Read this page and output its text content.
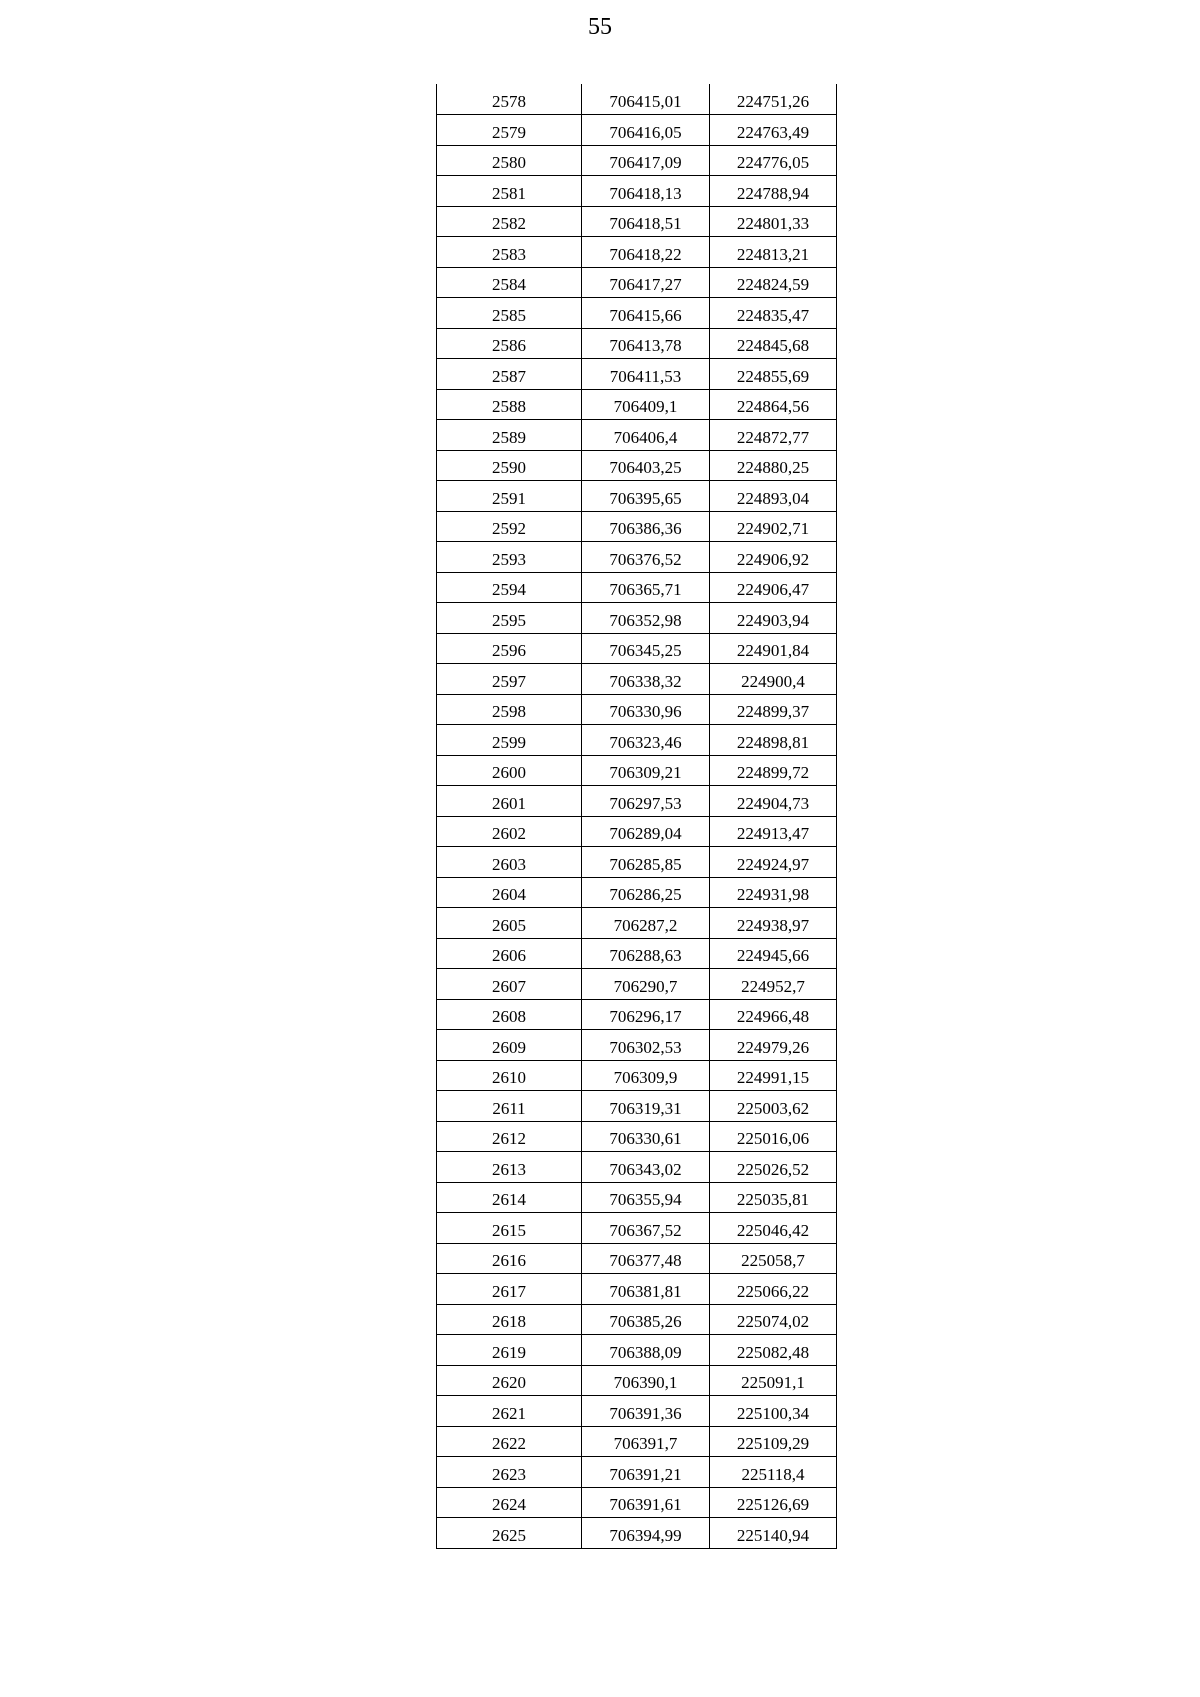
55
2578	706415,01	224751,26
2579	706416,05	224763,49
2580	706417,09	224776,05
2581	706418,13	224788,94
2582	706418,51	224801,33
2583	706418,22	224813,21
2584	706417,27	224824,59
2585	706415,66	224835,47
2586	706413,78	224845,68
2587	706411,53	224855,69
2588	706409,1	224864,56
2589	706406,4	224872,77
2590	706403,25	224880,25
2591	706395,65	224893,04
2592	706386,36	224902,71
2593	706376,52	224906,92
2594	706365,71	224906,47
2595	706352,98	224903,94
2596	706345,25	224901,84
2597	706338,32	224900,4
2598	706330,96	224899,37
2599	706323,46	224898,81
2600	706309,21	224899,72
2601	706297,53	224904,73
2602	706289,04	224913,47
2603	706285,85	224924,97
2604	706286,25	224931,98
2605	706287,2	224938,97
2606	706288,63	224945,66
2607	706290,7	224952,7
2608	706296,17	224966,48
2609	706302,53	224979,26
2610	706309,9	224991,15
2611	706319,31	225003,62
2612	706330,61	225016,06
2613	706343,02	225026,52
2614	706355,94	225035,81
2615	706367,52	225046,42
2616	706377,48	225058,7
2617	706381,81	225066,22
2618	706385,26	225074,02
2619	706388,09	225082,48
2620	706390,1	225091,1
2621	706391,36	225100,34
2622	706391,7	225109,29
2623	706391,21	225118,4
2624	706391,61	225126,69
2625	706394,99	225140,94
